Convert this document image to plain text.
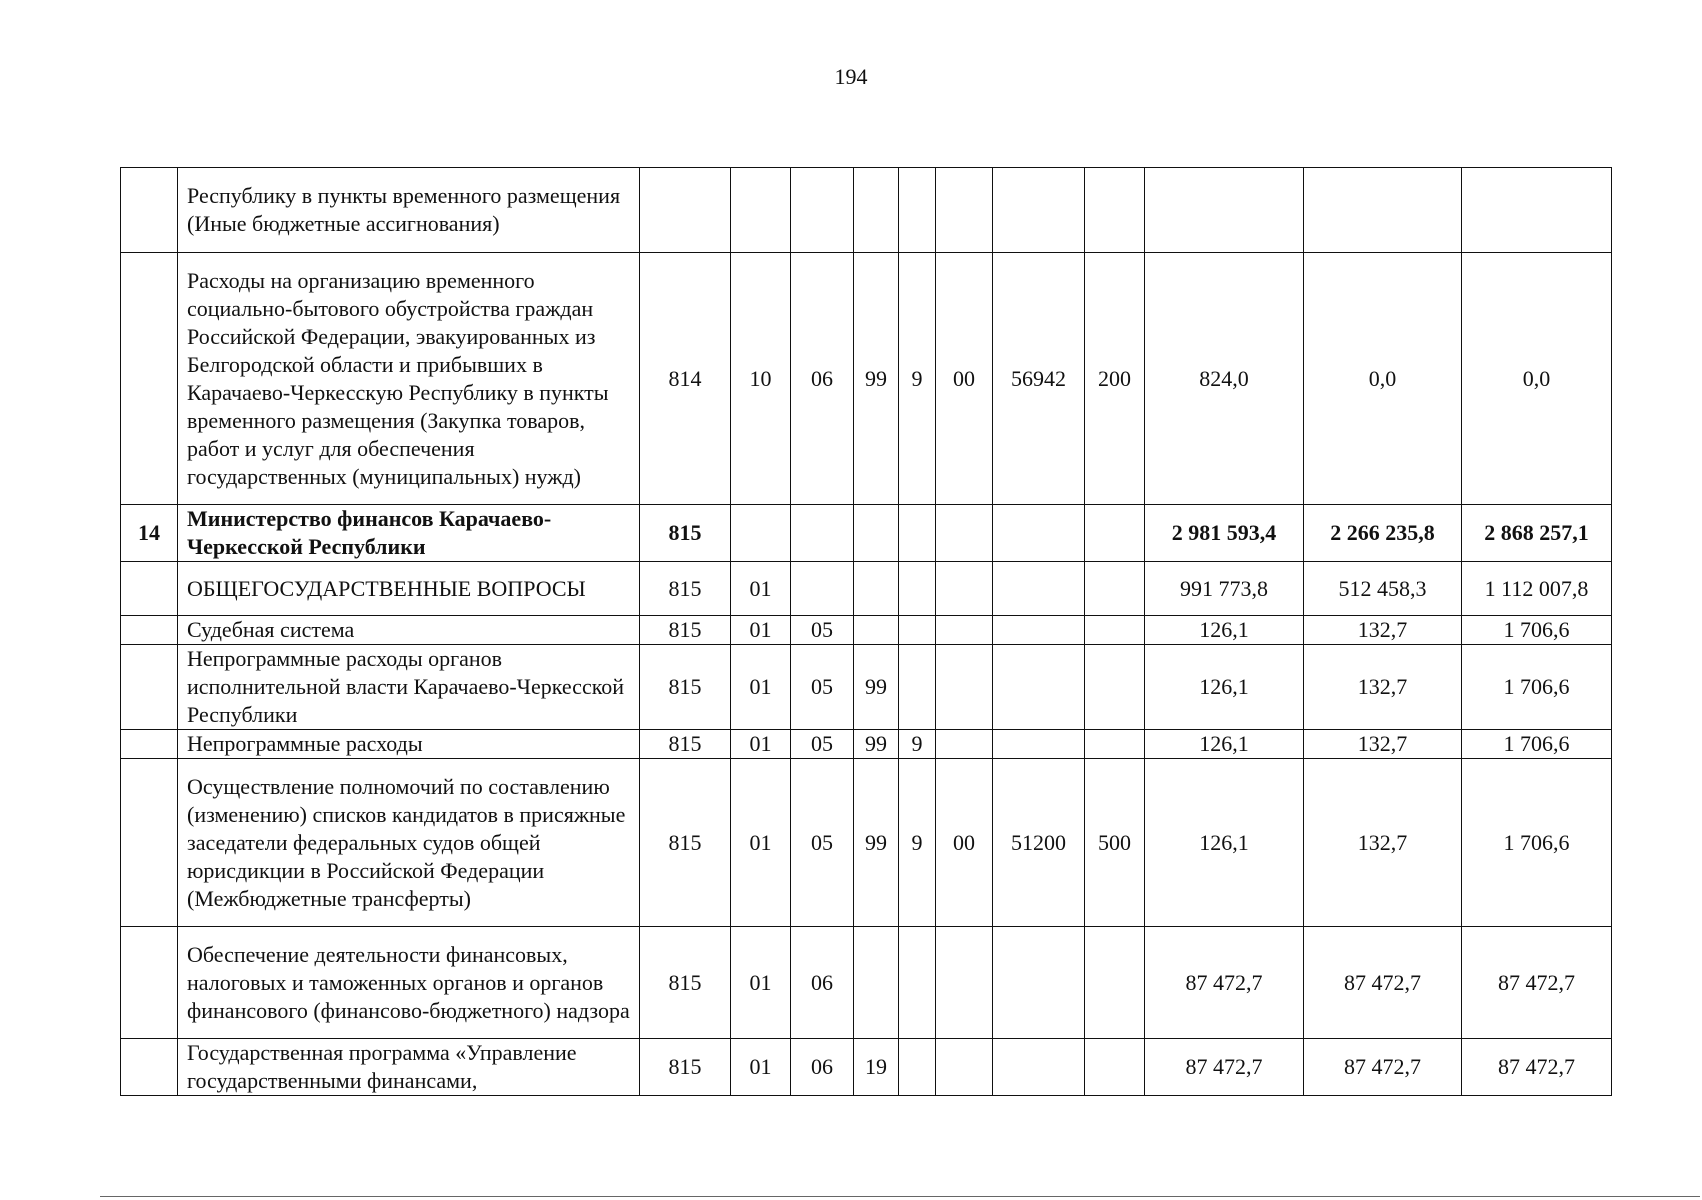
194
	Республику в пункты временного размещения (Иные бюджетные ассигнования)											
	Расходы на организацию временного социально-бытового обустройства граждан Российской Федерации, эвакуированных из Белгородской области и прибывших в Карачаево-Черкесскую Республику в пункты временного размещения (Закупка товаров, работ и услуг для обеспечения государственных (муниципальных) нужд)	814	10	06	99	9	00	56942	200	824,0	0,0	0,0
14	Министерство финансов Карачаево-Черкесской Республики	815								2 981 593,4	2 266 235,8	2 868 257,1
	ОБЩЕГОСУДАРСТВЕННЫЕ ВОПРОСЫ	815	01							991 773,8	512 458,3	1 112 007,8
	Судебная система	815	01	05						126,1	132,7	1 706,6
	Непрограммные расходы органов исполнительной власти Карачаево-Черкесской Республики	815	01	05	99					126,1	132,7	1 706,6
	Непрограммные расходы	815	01	05	99	9				126,1	132,7	1 706,6
	Осуществление полномочий по составлению (изменению) списков кандидатов в присяжные заседатели федеральных судов общей юрисдикции в Российской Федерации (Межбюджетные трансферты)	815	01	05	99	9	00	51200	500	126,1	132,7	1 706,6
	Обеспечение деятельности финансовых, налоговых и таможенных органов и органов финансового (финансово-бюджетного) надзора	815	01	06						87 472,7	87 472,7	87 472,7
	Государственная программа «Управление государственными финансами,	815	01	06	19					87 472,7	87 472,7	87 472,7
